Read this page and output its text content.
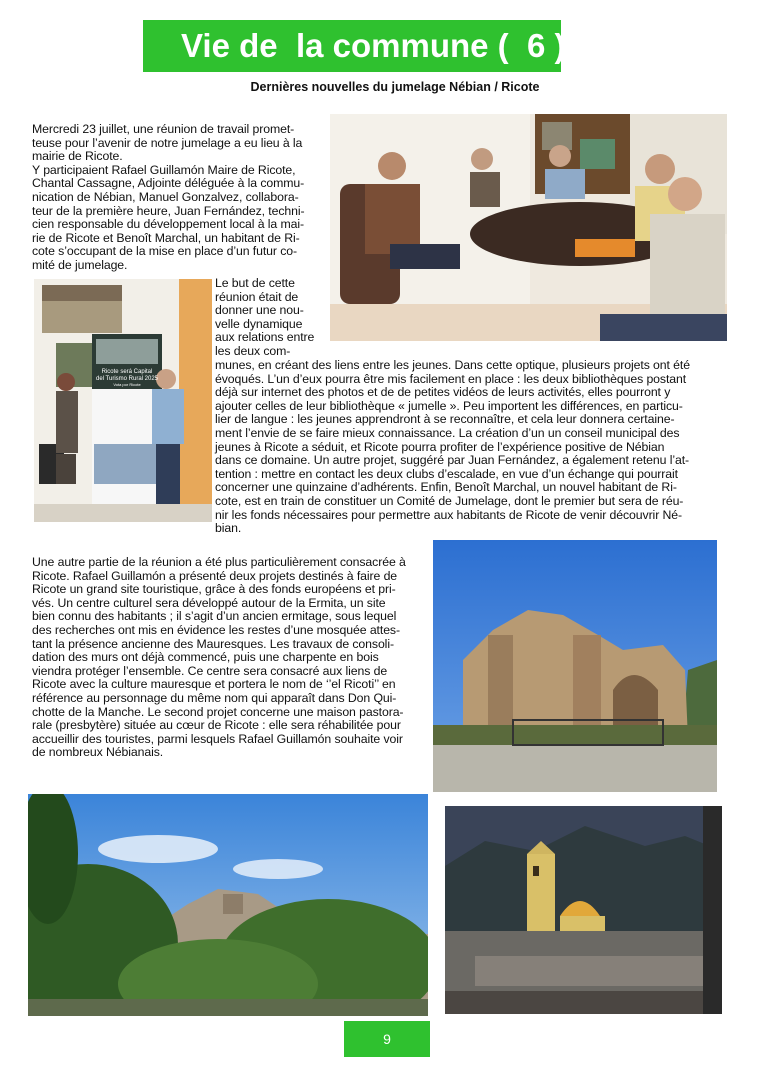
Vie de  la commune (  6 )
Dernières nouvelles du jumelage Nébian / Ricote

Mercredi 23 juillet, une réunion de travail promet-

teuse pour l’avenir de notre jumelage a eu lieu à la

mairie de Ricote.

Y participaient Rafael Guillamón Maire de Ricote,

Chantal Cassagne, Adjointe déléguée à la commu-

nication de Nébian, Manuel Gonzalvez, collabora-

teur de la première heure, Juan Fernández, techni-

cien responsable du développement local à la mai-

rie de Ricote et Benoît Marchal, un habitant de Ri-

cote s’occupant de la mise en place d’un futur co-

mité de jumelage.

Le but de cette

réunion était de

donner une nou-

velle dynamique

aux relations entre

les deux com-

munes, en créant des liens entre les jeunes. Dans cette optique, plusieurs projets ont été

évoqués. L’un d’eux pourra être mis facilement en place : les deux bibliothèques postant

déjà sur internet des photos et de de petites vidéos de leurs activités, elles pourront y

ajouter celles de leur bibliothèque « jumelle ». Peu importent les différences, en particu-

lier de langue : les jeunes apprendront à se reconnaître, et cela leur donnera certaine-

ment l’envie de se faire mieux connaissance. La création d’un un conseil municipal des

jeunes à Ricote a séduit, et Ricote pourra profiter de l’expérience positive de Nébian

dans ce domaine. Un autre projet, suggéré par Juan Fernández, a également retenu l’at-

tention : mettre en contact les deux clubs d’escalade, en vue d’un échange qui pourrait

concerner une quinzaine d’adhérents. Enfin, Benoît Marchal, un nouvel habitant de Ri-

cote, est en train de constituer un Comité de Jumelage, dont le premier but sera de réu-

nir les fonds nécessaires pour permettre aux habitants de Ricote de venir découvrir Né-

bian.

Une autre partie de la réunion a été plus particulièrement consacrée à

Ricote. Rafael Guillamón a présenté deux projets destinés à faire de

Ricote un grand site touristique, grâce à des fonds européens et pri-

vés. Un centre culturel sera développé autour de la Ermita, un site

bien connu des habitants ; il s’agit d’un ancien ermitage, sous lequel

des recherches ont mis en évidence les restes d’une mosquée attes-

tant la présence ancienne des Mauresques. Les travaux de consoli-

dation des murs ont déjà commencé, puis une charpente en bois

viendra protéger l’ensemble. Ce centre sera consacré aux liens de

Ricote avec la culture mauresque et portera le nom de ‘’el Ricoti’’ en

référence au personnage du même nom qui apparaît dans Don Qui-

chotte de la Manche. Le second projet concerne une maison pastora-

rale (presbytère) située au cœur de Ricote : elle sera réhabilitée pour

accueillir des touristes, parmi lesquels Rafael Guillamón souhaite voir

de nombreux Nébianais.

Ricote será Capital
del Turismo Rural 2025
Vota por Ricote
9
